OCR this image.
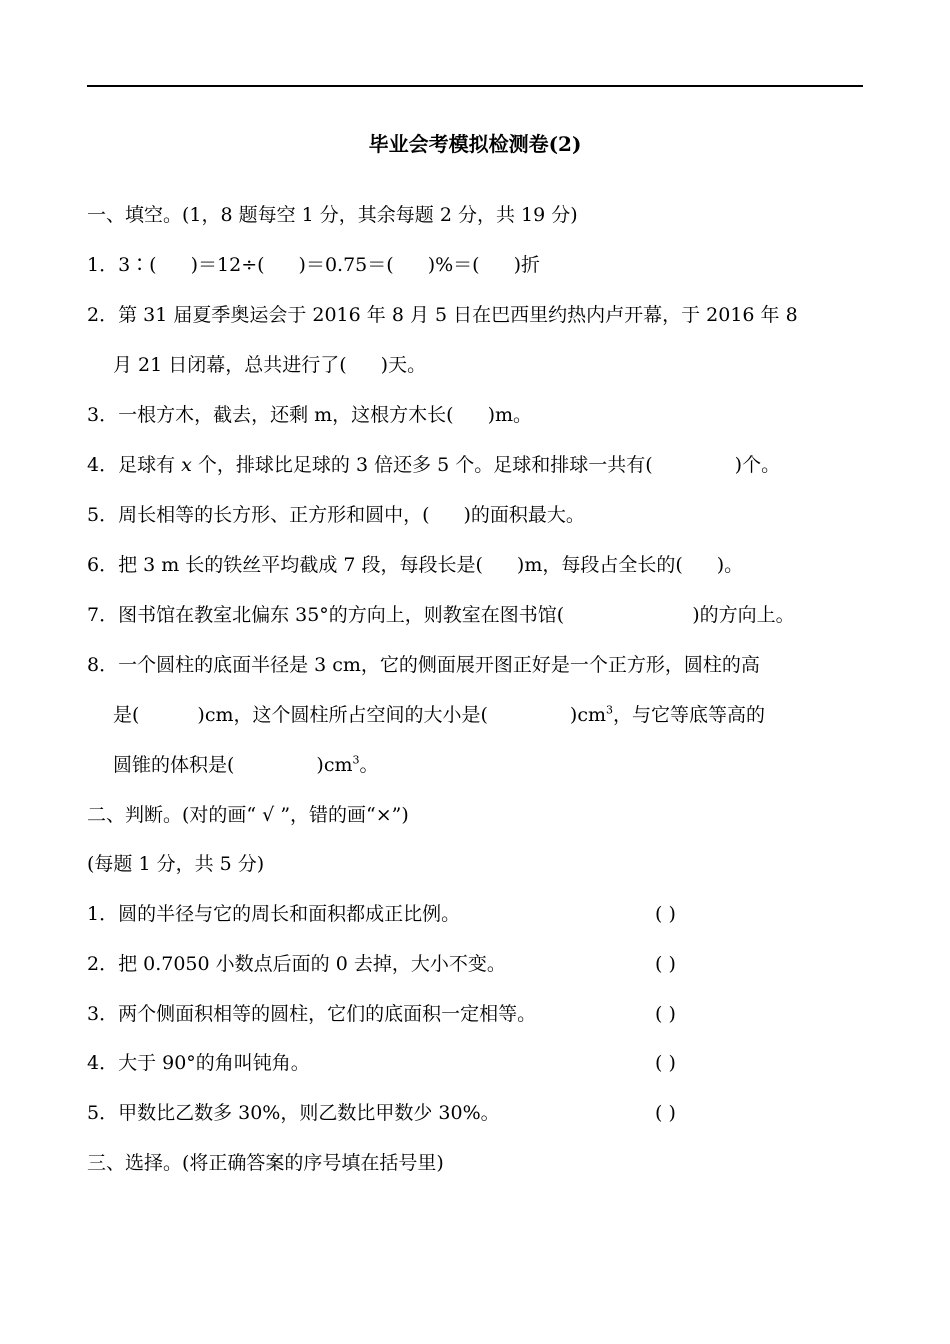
毕业会考模拟检测卷(2)
一、填空。(1，8 题每空 1 分，其余每题 2 分，共 19 分)
1．3∶( )＝12÷( )＝0.75＝( )%＝( )折
2．第 31 届夏季奥运会于 2016 年 8 月 5 日在巴西里约热内卢开幕，于 2016 年 8
月 21 日闭幕，总共进行了( )天。
3．一根方木，截去，还剩 m，这根方木长( )m。
4．足球有 x 个，排球比足球的 3 倍还多 5 个。足球和排球一共有(	)个。
5．周长相等的长方形、正方形和圆中，( )的面积最大。
6．把 3 m 长的铁丝平均截成 7 段，每段长是( )m，每段占全长的( )。
7．图书馆在教室北偏东 35°的方向上，则教室在图书馆(	)的方向上。
8．一个圆柱的底面半径是 3 cm，它的侧面展开图正好是一个正方形，圆柱的高
是(	)cm，这个圆柱所占空间的大小是(	)$cm^3$，与它等底等高的
圆锥的体积是(	)$cm^3$。
二、判断。(对的画“ √ ”，错的画“×”)
(每题 1 分，共 5 分)
1．圆的半径与它的周长和面积都成正比例。	( )
2．把 0.7050 小数点后面的 0 去掉，大小不变。	( )
3．两个侧面积相等的圆柱，它们的底面积一定相等。	( )
4．大于 90°的角叫钝角。	( )
5．甲数比乙数多 30%，则乙数比甲数少 30%。	( )
三、选择。(将正确答案的序号填在括号里)
